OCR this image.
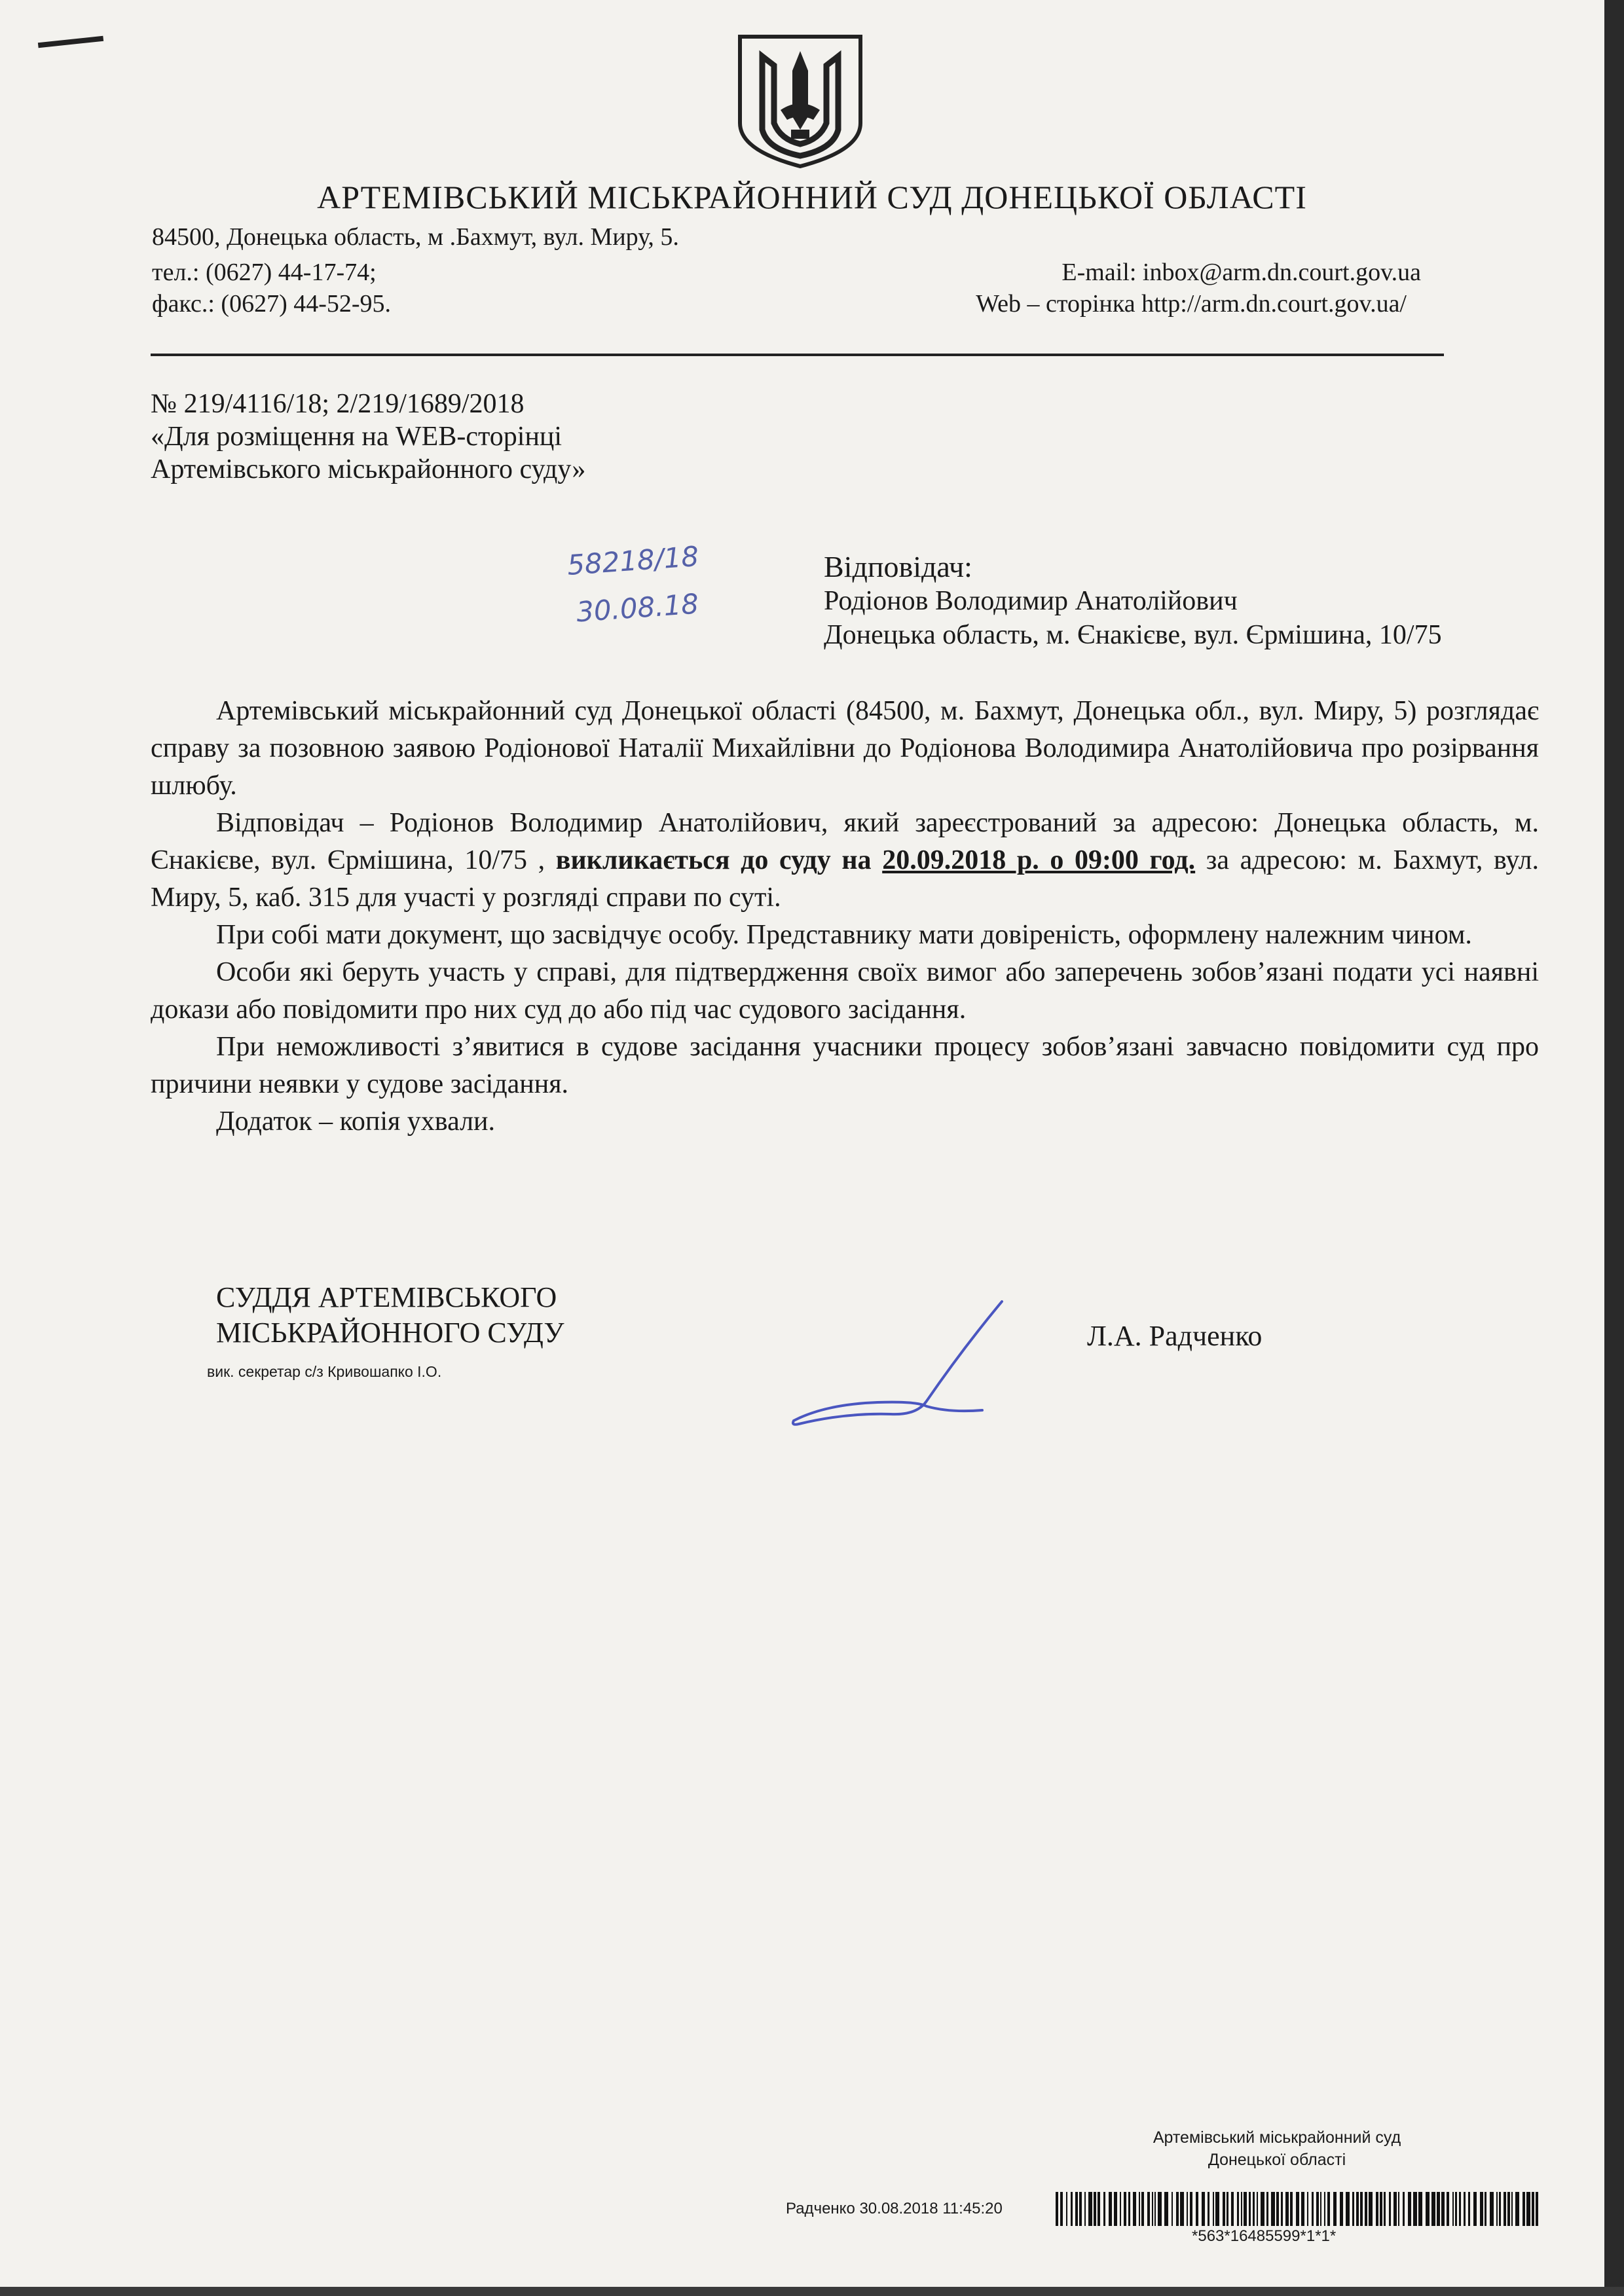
АРТЕМІВСЬКИЙ МІСЬКРАЙОННИЙ СУД ДОНЕЦЬКОЇ ОБЛАСТІ
84500, Донецька область, м .Бахмут, вул. Миру, 5.
тел.: (0627) 44-17-74;
факс.: (0627) 44-52-95.
E-mail: inbox@arm.dn.court.gov.ua
Web – сторінка http://arm.dn.court.gov.ua/
№ 219/4116/18; 2/219/1689/2018
«Для розміщення на WEB-сторінці
Артемівського міськрайонного суду»
58218/18
30.08.18
Відповідач:
Родіонов Володимир Анатолійович
Донецька область, м. Єнакієве, вул. Єрмішина, 10/75

Артемівський міськрайонний суд Донецької області (84500, м. Бахмут, Донецька обл., вул. Миру, 5) розглядає справу за позовною заявою Родіонової Наталії Михайлівни до Родіонова Володимира Анатолійовича про розірвання шлюбу.

Відповідач – Родіонов Володимир Анатолійович, який зареєстрований за адресою: Донецька область, м. Єнакієве, вул. Єрмішина, 10/75 , викликається до суду на 20.09.2018 р. о 09:00 год. за адресою: м. Бахмут, вул. Миру, 5, каб. 315 для участі у розгляді справи по суті.

При собі мати документ, що засвідчує особу. Представнику мати довіреність, оформлену належним чином.

Особи які беруть участь у справі, для підтвердження своїх вимог або заперечень зобов’язані подати усі наявні докази або повідомити про них суд до або під час судового засідання.

При неможливості з’явитися в судове засідання учасники процесу зобов’язані завчасно повідомити суд про причини неявки у судове засідання.

Додаток – копія ухвали.

СУДДЯ АРТЕМІВСЬКОГО
МІСЬКРАЙОННОГО СУДУ
вик. секретар с/з Кривошапко І.О.
Л.А. Радченко
Артемівський міськрайонний суд
Донецької області
Радченко 30.08.2018 11:45:20
*563*16485599*1*1*
